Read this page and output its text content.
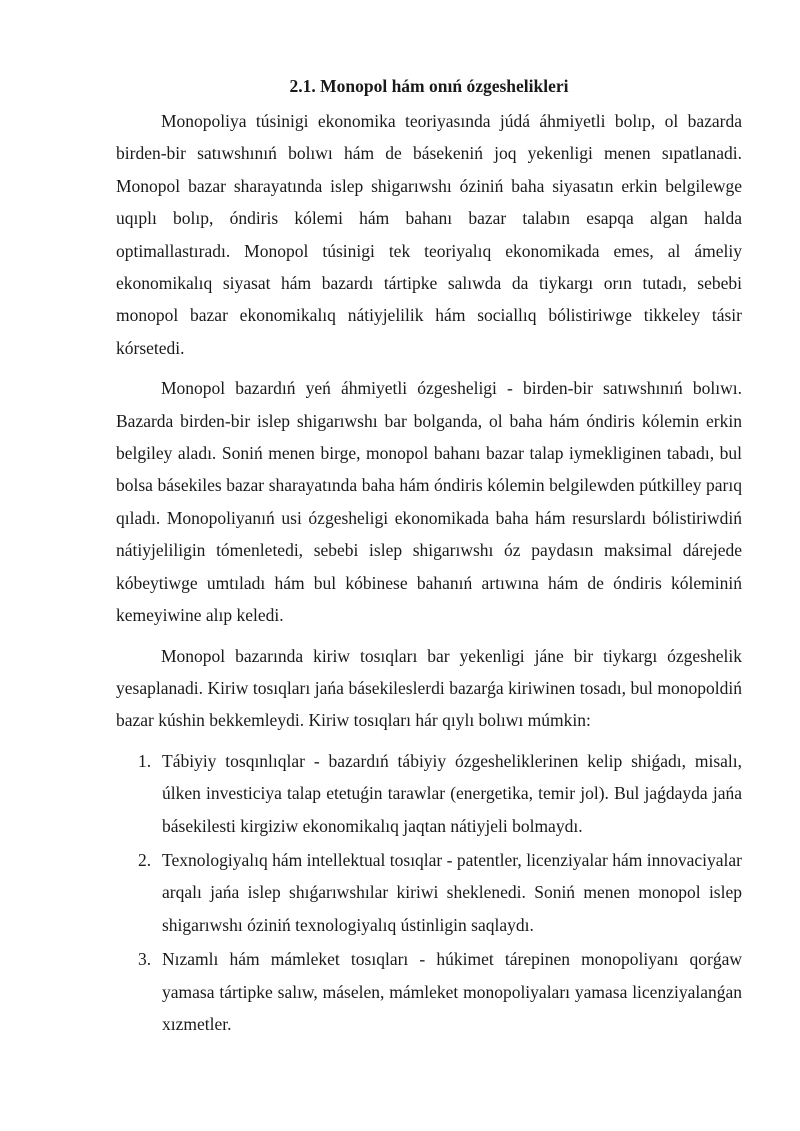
2.1. Monopol hám onıń ózgeshelikleri

Monopoliya túsinigi ekonomika teoriyasında júdá áhmiyetli bolıp, ol bazarda birden-bir satıwshınıń bolıwı hám de básekeniń joq yekenligi menen sıpatlanadi. Monopol bazar sharayatında islep shigarıwshı óziniń baha siyasatın erkin belgilewge uqıplı bolıp, óndiris kólemi hám bahanı bazar talabın esapqa algan halda optimallastıradı. Monopol túsinigi tek teoriyalıq ekonomikada emes, al ámeliy ekonomikalıq siyasat hám bazardı tártipke salıwda da tiykargı orın tutadı, sebebi monopol bazar ekonomikalıq nátiyjelilik hám sociallıq bólistiriwge tikkeley tásir kórsetedi.

Monopol bazardıń yeń áhmiyetli ózgesheligi - birden-bir satıwshınıń bolıwı. Bazarda birden-bir islep shigarıwshı bar bolganda, ol baha hám óndiris kólemin erkin belgiley aladı. Soniń menen birge, monopol bahanı bazar talap iymekliginen tabadı, bul bolsa básekiles bazar sharayatında baha hám óndiris kólemin belgilewden pútkilley parıq qıladı. Monopoliyanıń usi ózgesheligi ekonomikada baha hám resurslardı bólistiriwdiń nátiyjeliligin tómenletedi, sebebi islep shigarıwshı óz paydasın maksimal dárejede kóbeytiwge umtıladı hám bul kóbinese bahanıń artıwına hám de óndiris kóleminiń kemeyiwine alıp keledi.

Monopol bazarında kiriw tosıqları bar yekenligi jáne bir tiykargı ózgeshelik yesaplanadi. Kiriw tosıqları jańa básekileslerdi bazarǵa kiriwinen tosadı, bul monopoldiń bazar kúshin bekkemleydi. Kiriw tosıqları hár qıylı bolıwı múmkin:

1. Tábiyiy tosqınlıqlar - bazardıń tábiyiy ózgesheliklerinen kelip shiǵadı, misalı, úlken investiciya talap etetuǵin tarawlar (energetika, temir jol). Bul jaǵdayda jańa básekilesti kirgiziw ekonomikalıq jaqtan nátiyjeli bolmaydı.
2. Texnologiyalıq hám intellektual tosıqlar - patentler, licenziyalar hám innovaciyalar arqalı jańa islep shıǵarıwshılar kiriwi sheklenedi. Soniń menen monopol islep shigarıwshı óziniń texnologiyalıq ústinligin saqlaydı.
3. Nızamlı hám mámleket tosıqları - húkimet tárepinen monopoliyanı qorǵaw yamasa tártipke salıw, máselen, mámleket monopoliyaları yamasa licenziyalanǵan xızmetler.
